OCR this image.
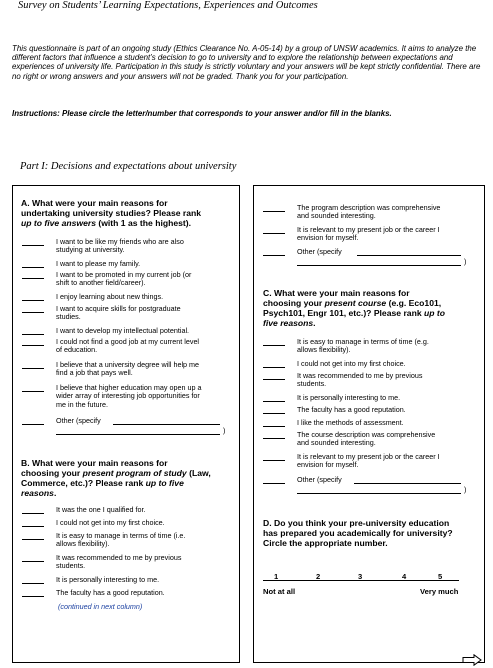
Survey on Students’ Learning Expectations, Experiences and Outcomes
This questionnaire is part of an ongoing study (Ethics Clearance No. A-05-14) by a group of UNSW academics. It aims to analyze the different factors that influence a student’s decision to go to university and to explore the relationship between expectations and experiences of university life. Participation in this study is strictly voluntary and your answers will be kept strictly confidential. There are no right or wrong answers and your answers will not be graded. Thank you for your participation.
Instructions: Please circle the letter/number that corresponds to your answer and/or fill in the blanks.
Part I: Decisions and expectations about university
A. What were your main reasons for
undertaking university studies? Please rank
up to five answers (with 1 as the highest).
I want to be like my friends who are also
studying at university.
I want to please my family.
I want to be promoted in my current job (or
shift to another field/career).
I enjoy learning about new things.
I want to acquire skills for postgraduate
studies.
I want to develop my intellectual potential.
I could not find a good job at my current level
of education.
I believe that a university degree will help me
find a job that pays well.
I believe that higher education may open up a
wider array of interesting job opportunities for
me in the future.
Other (specify
)
B. What were your main reasons for
choosing your present program of study (Law,
Commerce, etc.)? Please rank up to five
reasons.
It was the one I qualified for.
I could not get into my first choice.
It is easy to manage in terms of time (i.e.
allows flexibility).
It was recommended to me by previous
students.
It is personally interesting to me.
The faculty has a good reputation.
(continued in next column)
The program description was comprehensive
and sounded interesting.
It is relevant to my present job or the career I
envision for myself.
Other (specify
)
C. What were your main reasons for
choosing your present course (e.g. Eco101,
Psych101, Engr 101, etc.)? Please rank up to
five reasons.
It is easy to manage in terms of time (e.g.
allows flexibility).
I could not get into my first choice.
It was recommended to me by previous
students.
It is personally interesting to me.
The faculty has a good reputation.
I like the methods of assessment.
The course description was comprehensive
and sounded interesting.
It is relevant to my present job or the career I
envision for myself.
Other (specify
)
D. Do you think your pre-university education
has prepared you academically for university?
Circle the appropriate number.
1	2	3	4	5
Not at all	Very much
